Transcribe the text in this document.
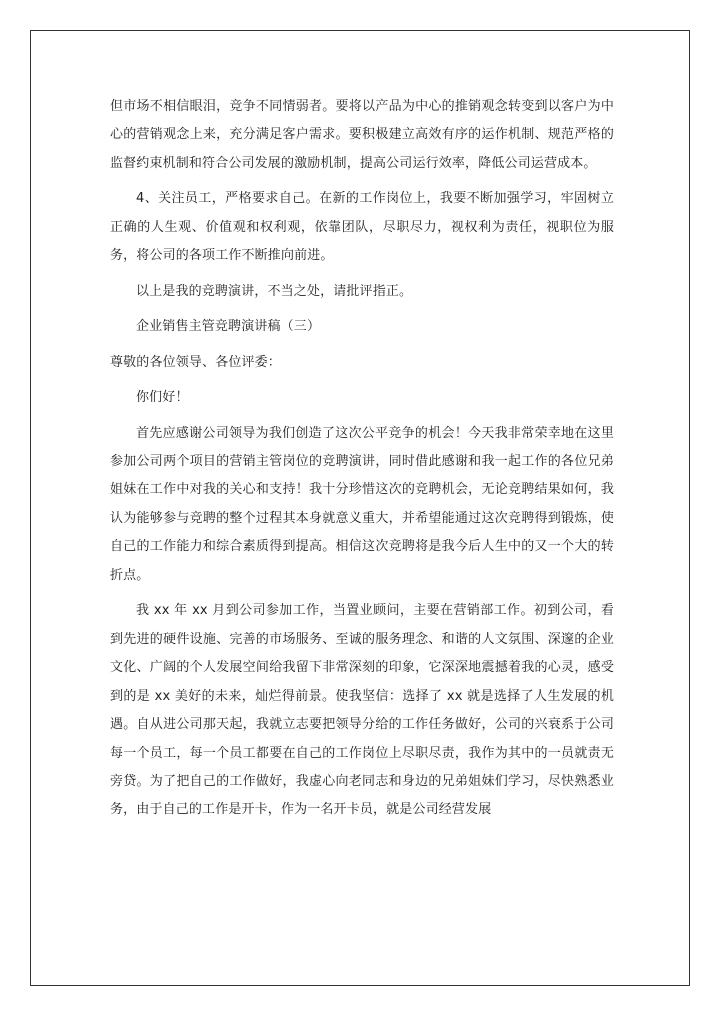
但市场不相信眼泪，竞争不同情弱者。要将以产品为中心的推销观念转变到以客户为中心的营销观念上来，充分满足客户需求。要积极建立高效有序的运作机制、规范严格的监督约束机制和符合公司发展的激励机制，提高公司运行效率，降低公司运营成本。

4、关注员工，严格要求自己。在新的工作岗位上，我要不断加强学习，牢固树立正确的人生观、价值观和权利观，依靠团队，尽职尽力，视权利为责任，视职位为服务，将公司的各项工作不断推向前进。

以上是我的竞聘演讲，不当之处，请批评指正。

企业销售主管竞聘演讲稿（三）

尊敬的各位领导、各位评委：

你们好！

首先应感谢公司领导为我们创造了这次公平竞争的机会！今天我非常荣幸地在这里参加公司两个项目的营销主管岗位的竞聘演讲，同时借此感谢和我一起工作的各位兄弟姐妹在工作中对我的关心和支持！我十分珍惜这次的竞聘机会，无论竞聘结果如何，我认为能够参与竞聘的整个过程其本身就意义重大，并希望能通过这次竞聘得到锻炼，使自己的工作能力和综合素质得到提高。相信这次竞聘将是我今后人生中的又一个大的转折点。

我 xx 年 xx 月到公司参加工作，当置业顾问，主要在营销部工作。初到公司，看到先进的硬件设施、完善的市场服务、至诚的服务理念、和谐的人文氛围、深邃的企业文化、广阔的个人发展空间给我留下非常深刻的印象，它深深地震撼着我的心灵，感受到的是 xx 美好的未来，灿烂得前景。使我坚信：选择了 xx 就是选择了人生发展的机遇。自从进公司那天起，我就立志要把领导分给的工作任务做好，公司的兴衰系于公司每一个员工，每一个员工都要在自己的工作岗位上尽职尽责，我作为其中的一员就责无旁贷。为了把自己的工作做好，我虚心向老同志和身边的兄弟姐妹们学习，尽快熟悉业务，由于自己的工作是开卡，作为一名开卡员，就是公司经营发展
